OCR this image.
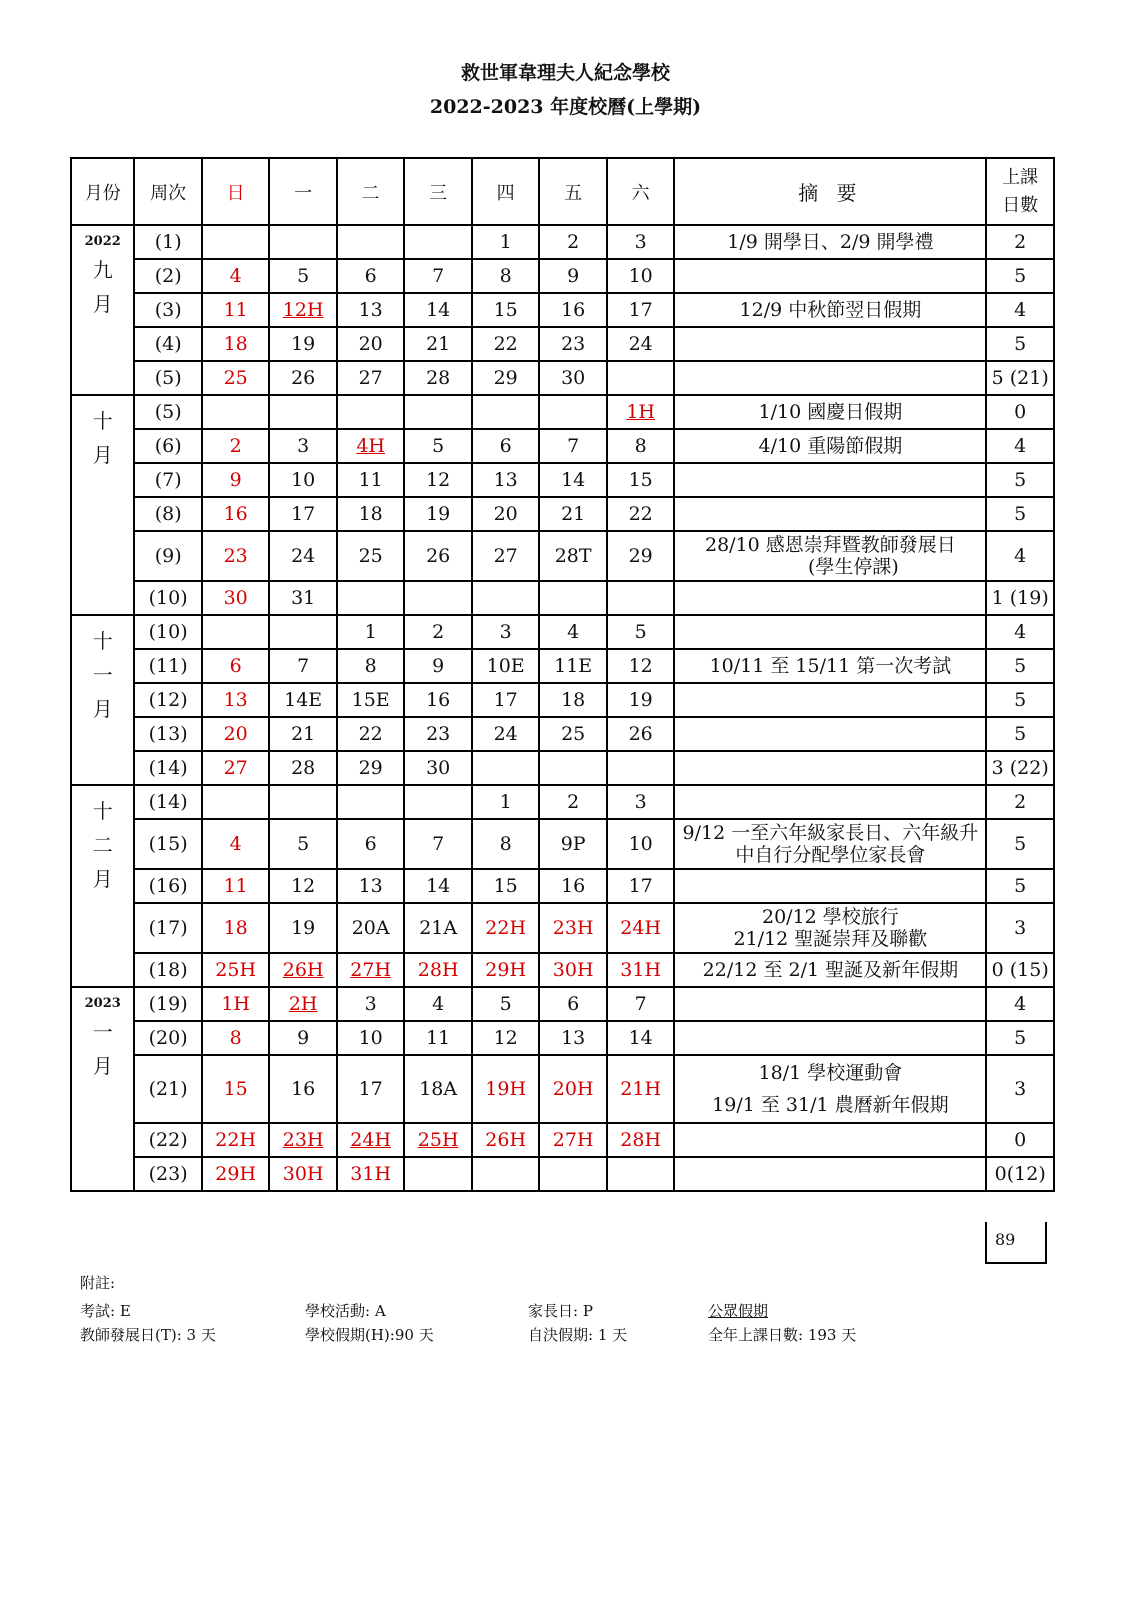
救世軍韋理夫人紀念學校
2022-2023 年度校曆(上學期)
月份	周次	日	一	二	三	四	五	六	摘 要	上課
日數

2022
九
月	(1)					1	2	3	1/9 開學日、2/9 開學禮	2
	(2)	4	5	6	7	8	9	10		5
	(3)	11	12H	13	14	15	16	17	12/9 中秋節翌日假期	4
	(4)	18	19	20	21	22	23	24		5
	(5)	25	26	27	28	29	30			5 (21)

十
月	(5)							1H	1/10 國慶日假期	0
	(6)	2	3	4H	5	6	7	8	4/10 重陽節假期	4
	(7)	9	10	11	12	13	14	15		5
	(8)	16	17	18	19	20	21	22		5
	(9)	23	24	25	26	27	28T	29	28/10 感恩崇拜暨教師發展日
(學生停課)	4
	(10)	30	31							1 (19)

十
一
月	(10)			1	2	3	4	5		4
	(11)	6	7	8	9	10E	11E	12	10/11 至 15/11 第一次考試	5
	(12)	13	14E	15E	16	17	18	19		5
	(13)	20	21	22	23	24	25	26		5
	(14)	27	28	29	30					3 (22)

十
二
月	(14)					1	2	3		2
	(15)	4	5	6	7	8	9P	10	9/12 一至六年級家長日、六年級升
中自行分配學位家長會	5
	(16)	11	12	13	14	15	16	17		5
	(17)	18	19	20A	21A	22H	23H	24H	20/12 學校旅行
21/12 聖誕崇拜及聯歡	3
	(18)	25H	26H	27H	28H	29H	30H	31H	22/12 至 2/1 聖誕及新年假期	0 (15)

2023
一
月	(19)	1H	2H	3	4	5	6	7		4
	(20)	8	9	10	11	12	13	14		5
	(21)	15	16	17	18A	19H	20H	21H	18/1 學校運動會
19/1 至 31/1 農曆新年假期	3
	(22)	22H	23H	24H	25H	26H	27H	28H		0
	(23)	29H	30H	31H						0(12)
89
附註:
考試: E	學校活動: A	家長日: P	公眾假期
教師發展日(T): 3 天	學校假期(H):90 天	自決假期: 1 天	全年上課日數: 193 天
